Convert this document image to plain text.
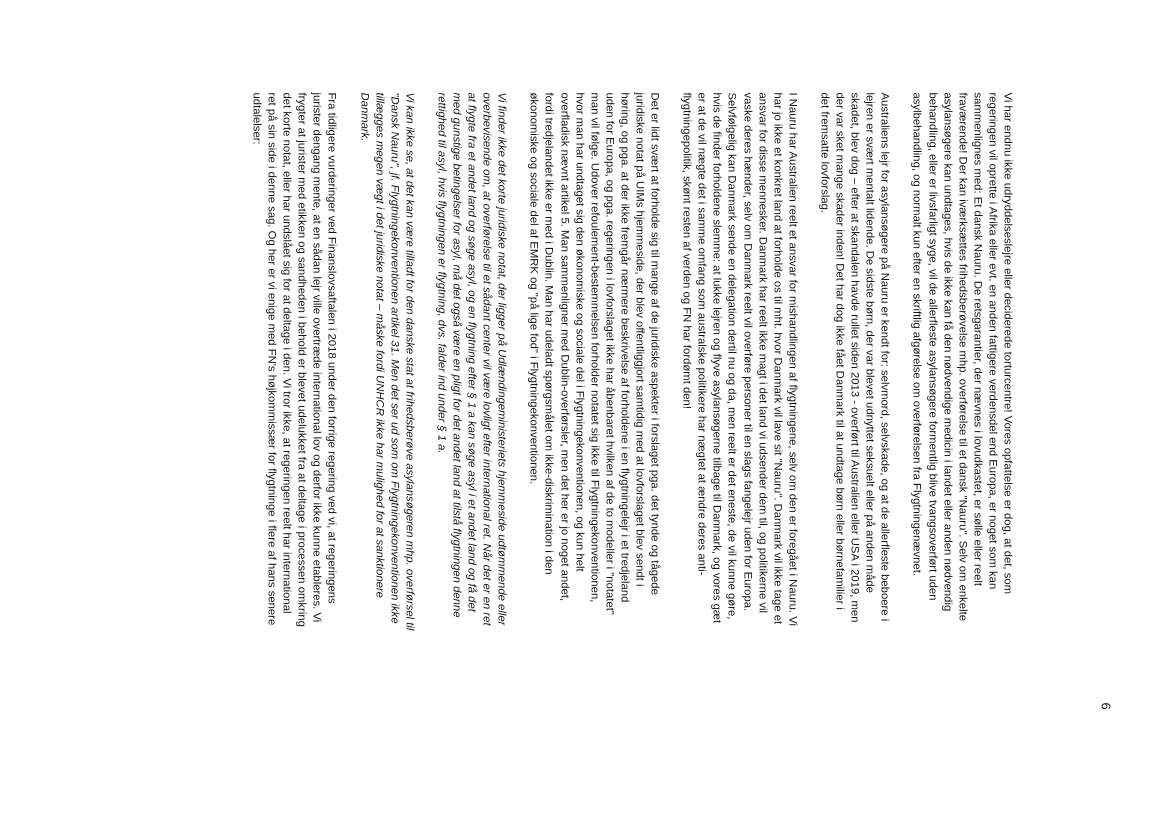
6

Vi har endnu ikke udryddelseslejre eller deciderede torturcentre! Vores opfattelse er dog, at det, som
regeringen vil oprette i Afrika eller evt. en anden fattigere verdensdel end Europa, er noget som kan
sammenlignes med: Et dansk Nauru. De retsgarantier, der nævnes i lovudkastet, er sølle eller reelt
fraværende! Der kan iværksættes frihedsberøvelse mhp. overførelse til et dansk "Nauru". Selv om enkelte
asylansøgere kan undtages, hvis de ikke kan få den nødvendige medicin i landet eller anden nødvendig
behandling, eller er livsfarligt syge, vil de allerfleste asylansøgere formentlig blive tvangsoverført uden
asylbehandling, og normalt kun efter en skriftlig afgørelse om overførelsen fra Flygtningenævnet.

Australiens lejr for asylansøgere på Nauru er kendt for: selvmord, selvskade, og at de allerfleste beboere i
lejren er svært mentalt lidende. De sidste børn, der var blevet udnyttet seksuelt eller på anden måde
skadet, blev dog – efter at skandalen havde rullet siden 2013 - overført til Australien eller USA i 2019, men
der var sket mange skader inden! Det har dog ikke fået Danmark til at undtage børn eller børnefamilier i
det fremsatte lovforslag.

I Nauru har Australien reelt et ansvar for mishandlingen af flygtningene, selv om den er foregået i Nauru. Vi
har jo ikke et konkret land at forholde os til mht. hvor Danmark vil lave sit "Nauru". Danmark vil ikke tage et
ansvar for disse mennesker. Danmark har reelt ikke magt i det land vi udsender dem til, og politikerne vil
vaske deres hænder, selv om Danmark reelt vil overføre personer til en slags fangelejr uden for Europa.
Selvfølgelig kan Danmark sende en delegation dertil nu og da, men reelt er det eneste, de vil kunne gøre,
hvis de finder forholdene slemme: at lukke lejren og flyve asylansøgerne tilbage til Danmark, og vores gæt
er at de vil nægte det i samme omfang som australske politikere har nægtet at ændre deres anti-
flygtningepolitik, skønt resten af verden og FN har fordømt den!

Det er lidt svært at forholde sig til mange af de juridiske aspekter i forslaget pga. det tynde og tågede
juridiske notat på UIMs hjemmeside, der blev offentliggjort samtidig med at lovforslaget blev sendt i
høring, og pga. at der ikke fremgår nærmere beskrivelse af forholdene i en flygtningelejr i et tredjeland
uden for Europa, og pga. regeringen i lovforslaget ikke har åbenbaret hvilken af de to modeller i "notatet"
man vil følge. Udover refoulement-bestemmelsen forholder notatet sig ikke til Flygtningekonventionen,
hvor man har undtaget sig den økonomiske og sociale del i Flygtningekonventionen, og kun helt
overfladisk nævnt artikel 5. Man sammenligner med Dublin-overførsler, men det her er jo noget andet,
fordi tredjelandet ikke er med i Dublin. Man har udeladt spørgsmålet om ikke-diskrimination i den
økonomiske og sociale del af EMRK og "på lige fod" i Flygtningekonventionen.

Vi finder ikke det korte juridiske notat, der ligger på Udlændingeministeriets hjemmeside udtømmende eller
overbevisende om, at overførelse til et sådant center vil være lovligt efter international ret. Når det er en ret
at flygte fra et andet land og søge asyl, og en flygtning efter § 1 a kan søge asyl i et andet land og få det
med gunstige betingelser for asyl, må det også være en pligt for det andet land at tilstå flygtningen denne
rettighed til asyl, hvis flygtningen er flygtning, dvs. falder ind under § 1 a.

Vi kan ikke se, at det kan være tilladt for den danske stat at frihedsberøve asylansøgeren mhp. overførsel til
"Dansk Nauru", jf. Flygtningekonventionen artikel 31. Men det ser ud som om Flygtningekonventionen ikke
tillægges megen vægt i det juridiske notat – måske fordi UNHCR ikke har mulighed for at sanktionere
Danmark.

Fra tidligere vurderinger ved Finanslovsaftalen i 2018 under den forrige regering ved vi, at regeringens
jurister dengang mente, at en sådan lejr ville overtræde international lov og derfor ikke kunne etableres. Vi
frygter at jurister med etikken og sandheden i behold er blevet udelukket fra at deltage i processen omkring
det korte notat, eller har undslået sig for at deltage i den. Vi tror ikke, at regeringen reelt har international
ret på sin side i denne sag. Og her er vi enige med FN's højkommissær for flygtninge i flere af hans senere
udtalelser:
